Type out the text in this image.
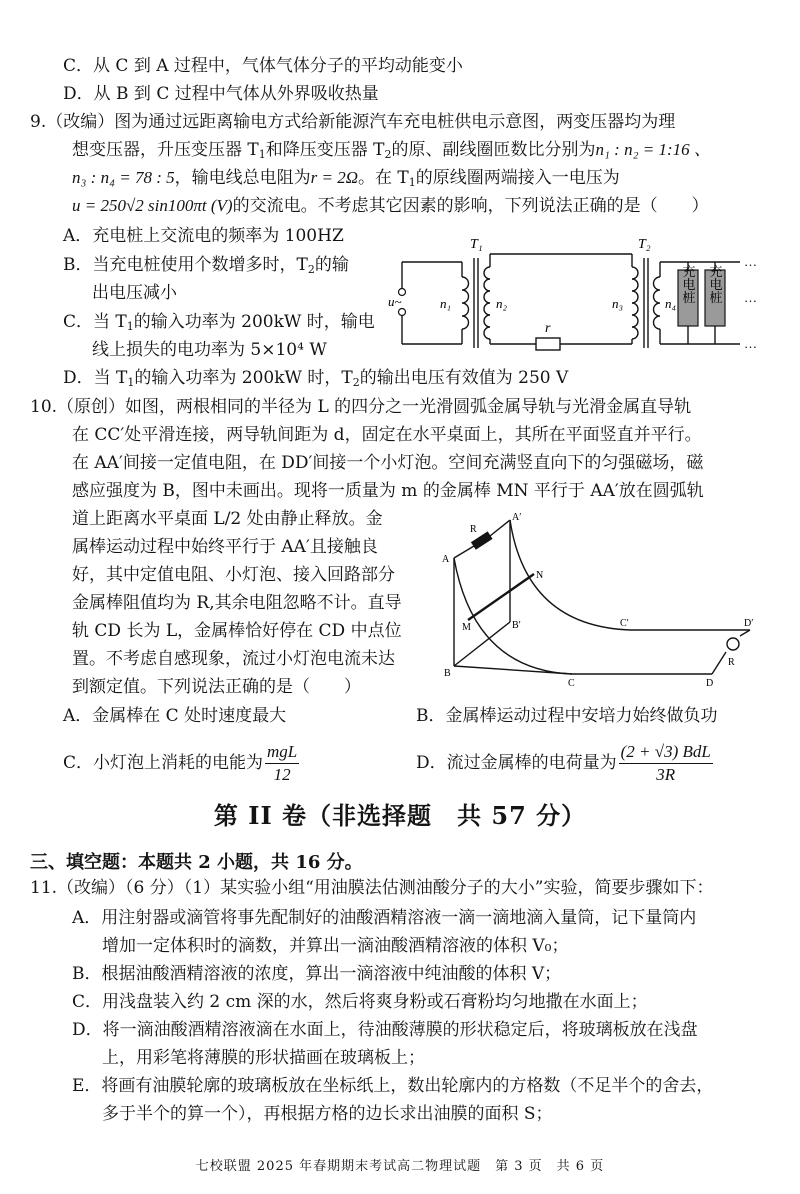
C．从 C 到 A 过程中，气体气体分子的平均动能变小
D．从 B 到 C 过程中气体从外界吸收热量
9.（改编）图为通过远距离输电方式给新能源汽车充电桩供电示意图，两变压器均为理
想变压器，升压变压器 $T_1$和降压变压器 $T_2$的原、副线圈匝数比分别为n₁ : n₂ = 1:16 、
n₃ : n₄ = 78 : 5，输电线总电阻为r = 2Ω。在 $T_1$的原线圈两端接入一电压为
u = 250√2 sin100πt (V)的交流电。不考虑其它因素的影响，下列说法正确的是（　　）
A．充电桩上交流电的频率为 100HZ
B．当充电桩使用个数增多时，$T_2$的输
出电压减小
C．当 $T_1$的输入功率为 200kW 时，输电
线上损失的电功率为 5×10⁴ W
D．当 $T_1$的输入功率为 200kW 时，$T_2$的输出电压有效值为 250 V
充电桩 充电桩
T₁	T₂
u~	n₁	n₂	n₃	n₄
r
…
…
…
10.（原创）如图，两根相同的半径为 L 的四分之一光滑圆弧金属导轨与光滑金属直导轨
在 CC′处平滑连接，两导轨间距为 d，固定在水平桌面上，其所在平面竖直并平行。
在 AA′间接一定值电阻，在 DD′间接一个小灯泡。空间充满竖直向下的匀强磁场，磁
感应强度为 B，图中未画出。现将一质量为 m 的金属棒 MN 平行于 AA′放在圆弧轨
道上距离水平桌面 L/2 处由静止释放。金
属棒运动过程中始终平行于 AA′且接触良
好，其中定值电阻、小灯泡、接入回路部分
金属棒阻值均为 R,其余电阻忽略不计。直导
轨 CD 长为 L，金属棒恰好停在 CD 中点位
置。不考虑自感现象，流过小灯泡电流未达
到额定值。下列说法正确的是（　　）
A
A′
R
N
M	B′
B
C
C′
D
D′
R
A．金属棒在 C 处时速度最大	B．金属棒运动过程中安培力始终做负功
C．小灯泡上消耗的电能为 $\frac{\text{mgL}}{12}$	D．流过金属棒的电荷量为 $\frac{\text{(2 + √3) BdL}}{3R}$
第 II 卷（非选择题　共 57 分）
三、填空题：本题共 2 小题，共 16 分。
11.（改编）（6 分）（1）某实验小组“用油膜法估测油酸分子的大小”实验，简要步骤如下：
A．用注射器或滴管将事先配制好的油酸酒精溶液一滴一滴地滴入量筒，记下量筒内
增加一定体积时的滴数，并算出一滴油酸酒精溶液的体积 V₀；
B．根据油酸酒精溶液的浓度，算出一滴溶液中纯油酸的体积 V；
C．用浅盘装入约 2 cm 深的水，然后将爽身粉或石膏粉均匀地撒在水面上；
D．将一滴油酸酒精溶液滴在水面上，待油酸薄膜的形状稳定后，将玻璃板放在浅盘
上，用彩笔将薄膜的形状描画在玻璃板上；
E．将画有油膜轮廓的玻璃板放在坐标纸上，数出轮廓内的方格数（不足半个的舍去，
多于半个的算一个），再根据方格的边长求出油膜的面积 S；
七校联盟 2025 年春期期末考试高二物理试题　第 3 页　共 6 页
